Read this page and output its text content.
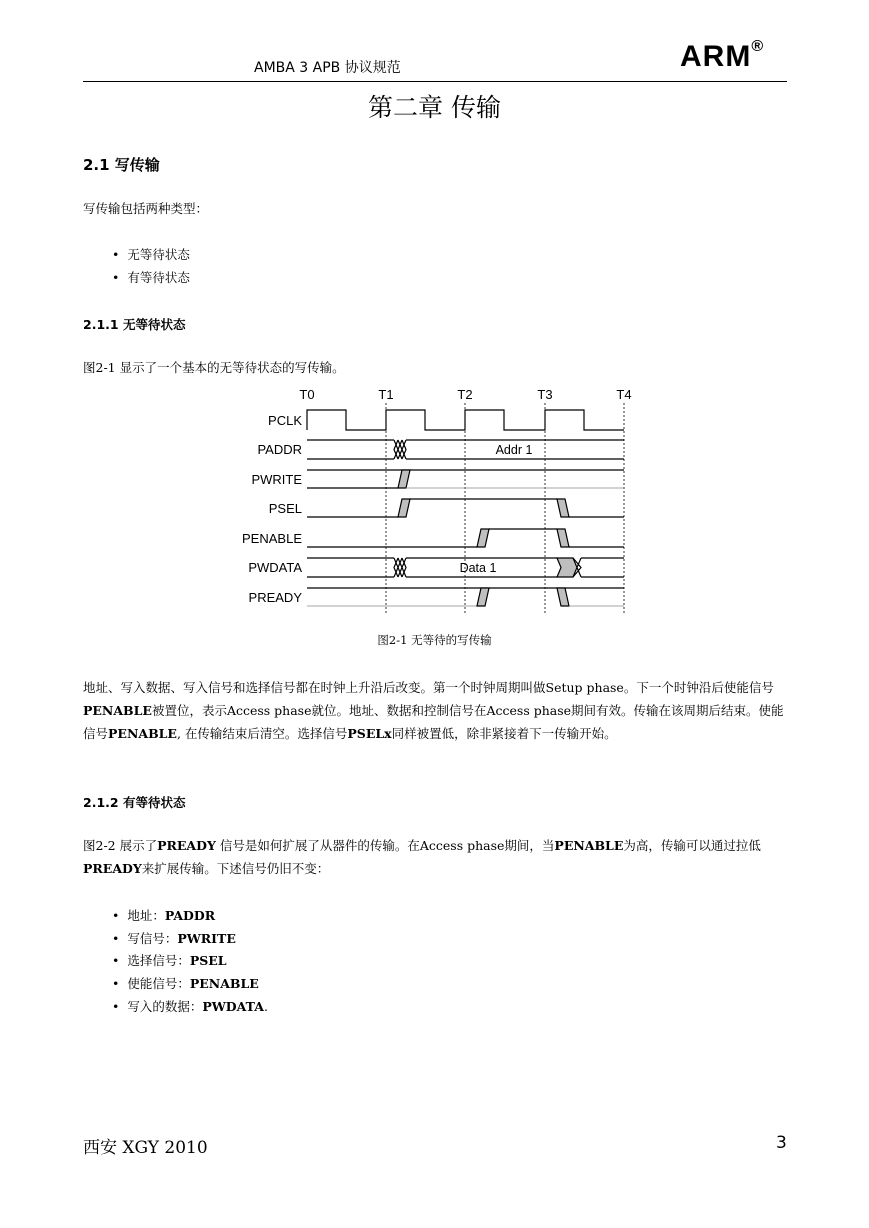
AMBA 3 APB 协议规范	ARM®
第二章 传输
2.1 写传输
写传输包括两种类型：
•  无等待状态
•  有等待状态
2.1.1 无等待状态
图2-1 显示了一个基本的无等待状态的写传输。
T0	T1	T2	T3	T4
PCLK
PADDR
PWRITE
PSEL
PENABLE
PWDATA
PREADY
Addr 1
Data 1
图2-1 无等待的写传输
地址、写入数据、写入信号和选择信号都在时钟上升沿后改变。第一个时钟周期叫做Setup phase。下一个时钟沿后使能信号PENABLE被置位，表示Access phase就位。地址、数据和控制信号在Access phase期间有效。传输在该周期后结束。使能信号PENABLE, 在传输结束后清空。选择信号PSELx同样被置低，除非紧接着下一传输开始。
2.1.2 有等待状态
图2-2 展示了PREADY 信号是如何扩展了从器件的传输。在Access phase期间，当PENABLE为高，传输可以通过拉低PREADY来扩展传输。下述信号仍旧不变：
•  地址：PADDR
•  写信号：PWRITE
•  选择信号：PSEL
•  使能信号：PENABLE
•  写入的数据：PWDATA.
西安 XGY 2010	3
